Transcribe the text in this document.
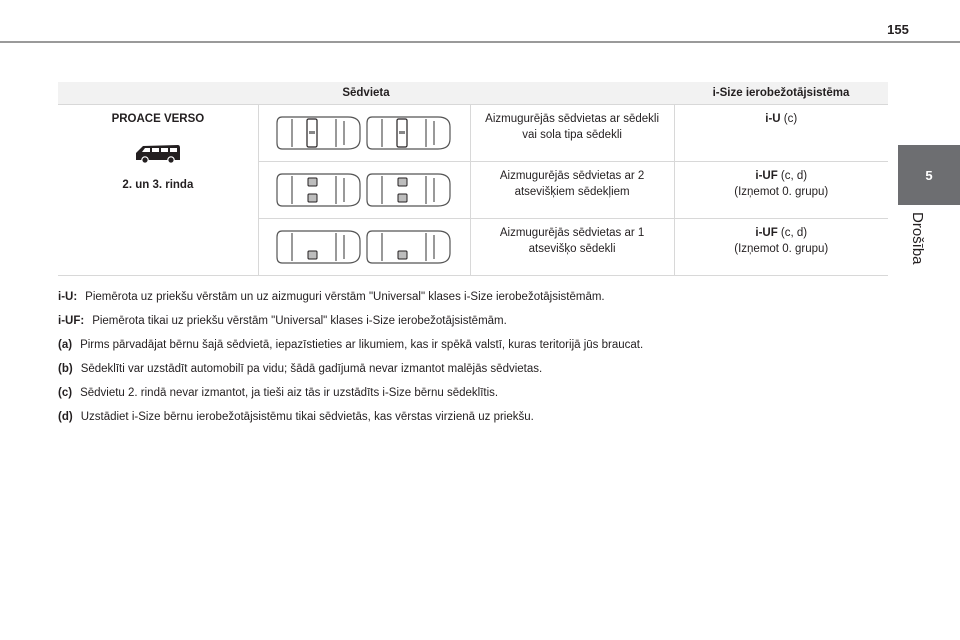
155
5
Drošība
Sēdvieta			i-Size ierobežotājsistēma

PROACE VERSO
2. un 3. rinda		Aizmugurējās sēdvietas ar sēdekli vai sola tipa sēdekli	i-U (c)

	Aizmugurējās sēdvietas ar 2 atsevišķiem sēdekļiem	i-UF (c, d)
(Izņemot 0. grupu)

	Aizmugurējās sēdvietas ar 1 atsevišķo sēdekli	i-UF (c, d)
(Izņemot 0. grupu)

i-U: Piemērota uz priekšu vērstām un uz aizmuguri vērstām "Universal" klases i-Size ierobežotājsistēmām.

i-UF: Piemērota tikai uz priekšu vērstām "Universal" klases i-Size ierobežotājsistēmām.

(a) Pirms pārvadājat bērnu šajā sēdvietā, iepazīstieties ar likumiem, kas ir spēkā valstī, kuras teritorijā jūs braucat.

(b) Sēdeklīti var uzstādīt automobilī pa vidu; šādā gadījumā nevar izmantot malējās sēdvietas.

(c) Sēdvietu 2. rindā nevar izmantot, ja tieši aiz tās ir uzstādīts i-Size bērnu sēdeklītis.

(d) Uzstādiet i-Size bērnu ierobežotājsistēmu tikai sēdvietās, kas vērstas virzienā uz priekšu.
